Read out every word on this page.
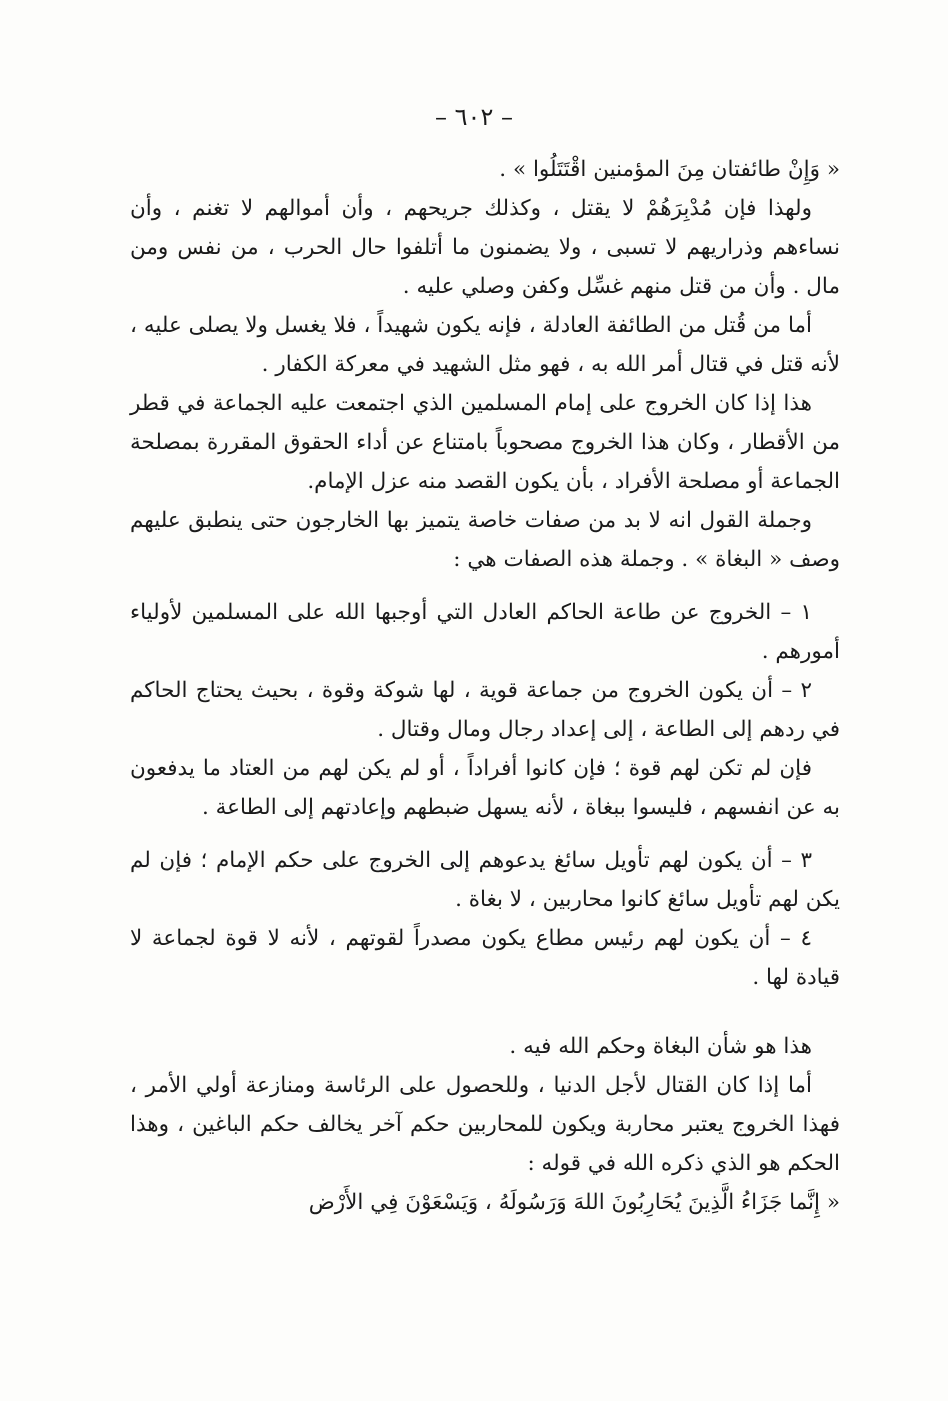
– ٦٠٢ –

« وَإِنْ طائفتان مِنَ المؤمنين اقْتَتَلُوا » .

ولهذا فإن مُدْبِرَهُمْ لا يقتل ، وكذلك جريحهم ، وأن أموالهم لا تغنم ، وأن نساءهم وذراريهم لا تسبى ، ولا يضمنون ما أتلفوا حال الحرب ، من نفس ومن مال . وأن من قتل منهم غسِّل وكفن وصلي عليه .

أما من قُتل من الطائفة العادلة ، فإنه يكون شهيداً ، فلا يغسل ولا يصلى عليه ، لأنه قتل في قتال أمر الله به ، فهو مثل الشهيد في معركة الكفار .

هذا إذا كان الخروج على إمام المسلمين الذي اجتمعت عليه الجماعة في قطر من الأقطار ، وكان هذا الخروج مصحوباً بامتناع عن أداء الحقوق المقررة بمصلحة الجماعة أو مصلحة الأفراد ، بأن يكون القصد منه عزل الإمام.

وجملة القول انه لا بد من صفات خاصة يتميز بها الخارجون حتى ينطبق عليهم وصف « البغاة » . وجملة هذه الصفات هي :

١ – الخروج عن طاعة الحاكم العادل التي أوجبها الله على المسلمين لأولياء أمورهم .

٢ – أن يكون الخروج من جماعة قوية ، لها شوكة وقوة ، بحيث يحتاج الحاكم في ردهم إلى الطاعة ، إلى إعداد رجال ومال وقتال .

فإن لم تكن لهم قوة ؛ فإن كانوا أفراداً ، أو لم يكن لهم من العتاد ما يدفعون به عن انفسهم ، فليسوا ببغاة ، لأنه يسهل ضبطهم وإعادتهم إلى الطاعة .

٣ – أن يكون لهم تأويل سائغ يدعوهم إلى الخروج على حكم الإمام ؛ فإن لم يكن لهم تأويل سائغ كانوا محاربين ، لا بغاة .

٤ – أن يكون لهم رئيس مطاع يكون مصدراً لقوتهم ، لأنه لا قوة لجماعة لا قيادة لها .

هذا هو شأن البغاة وحكم الله فيه .

أما إذا كان القتال لأجل الدنيا ، وللحصول على الرئاسة ومنازعة أولي الأمر ، فهذا الخروج يعتبر محاربة ويكون للمحاربين حكم آخر يخالف حكم الباغين ، وهذا الحكم هو الذي ذكره الله في قوله :

« إِنَّما جَزَاءُ الَّذِينَ يُحَارِبُونَ اللهَ وَرَسُولَهُ ، وَيَسْعَوْنَ فِي الأَرْض
